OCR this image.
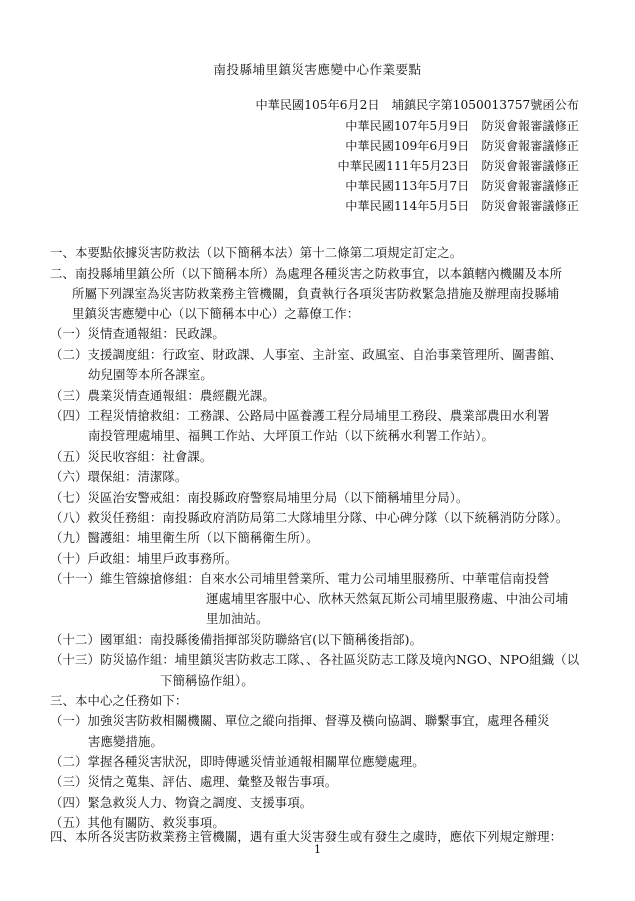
南投縣埔里鎮災害應變中心作業要點
中華民國105年6月2日　埔鎮民字第1050013757號函公布
中華民國107年5月9日　防災會報審議修正
中華民國109年6月9日　防災會報審議修正
中華民國111年5月23日　防災會報審議修正
中華民國113年5月7日　防災會報審議修正
中華民國114年5月5日　防災會報審議修正
一、本要點依據災害防救法（以下簡稱本法）第十二條第二項規定訂定之。
二、南投縣埔里鎮公所（以下簡稱本所）為處理各種災害之防救事宜，以本鎮轄內機關及本所
所屬下列課室為災害防救業務主管機關，負責執行各項災害防救緊急措施及辦理南投縣埔
里鎮災害應變中心（以下簡稱本中心）之幕僚工作：
（一）災情查通報組：民政課。
（二）支援調度組：行政室、財政課、人事室、主計室、政風室、自治事業管理所、圖書館、
幼兒園等本所各課室。
（三）農業災情查通報組：農經觀光課。
（四）工程災情搶救組：工務課、公路局中區養護工程分局埔里工務段、農業部農田水利署
南投管理處埔里、福興工作站、大坪頂工作站（以下統稱水利署工作站）。
（五）災民收容組：社會課。
（六）環保組：清潔隊。
（七）災區治安警戒組：南投縣政府警察局埔里分局（以下簡稱埔里分局）。
（八）救災任務組：南投縣政府消防局第二大隊埔里分隊、中心碑分隊（以下統稱消防分隊）。
（九）醫護組：埔里衛生所（以下簡稱衛生所）。
（十）戶政組：埔里戶政事務所。
（十一）維生管線搶修組：自來水公司埔里營業所、電力公司埔里服務所、中華電信南投營
運處埔里客服中心、欣林天然氣瓦斯公司埔里服務處、中油公司埔
里加油站。
（十二）國軍組：南投縣後備指揮部災防聯絡官(以下簡稱後指部)。
（十三）防災協作組：埔里鎮災害防救志工隊、、各社區災防志工隊及境內NGO、NPO組織（以
下簡稱協作組）。
三、本中心之任務如下：
（一）加強災害防救相關機關、單位之縱向指揮、督導及橫向協調、聯繫事宜，處理各種災
害應變措施。
（二）掌握各種災害狀況，即時傳遞災情並通報相關單位應變處理。
（三）災情之蒐集、評估、處理、彙整及報告事項。
（四）緊急救災人力、物資之調度、支援事項。
（五）其他有關防、救災事項。
四、本所各災害防救業務主管機關，遇有重大災害發生或有發生之虞時，應依下列規定辦理：
1
